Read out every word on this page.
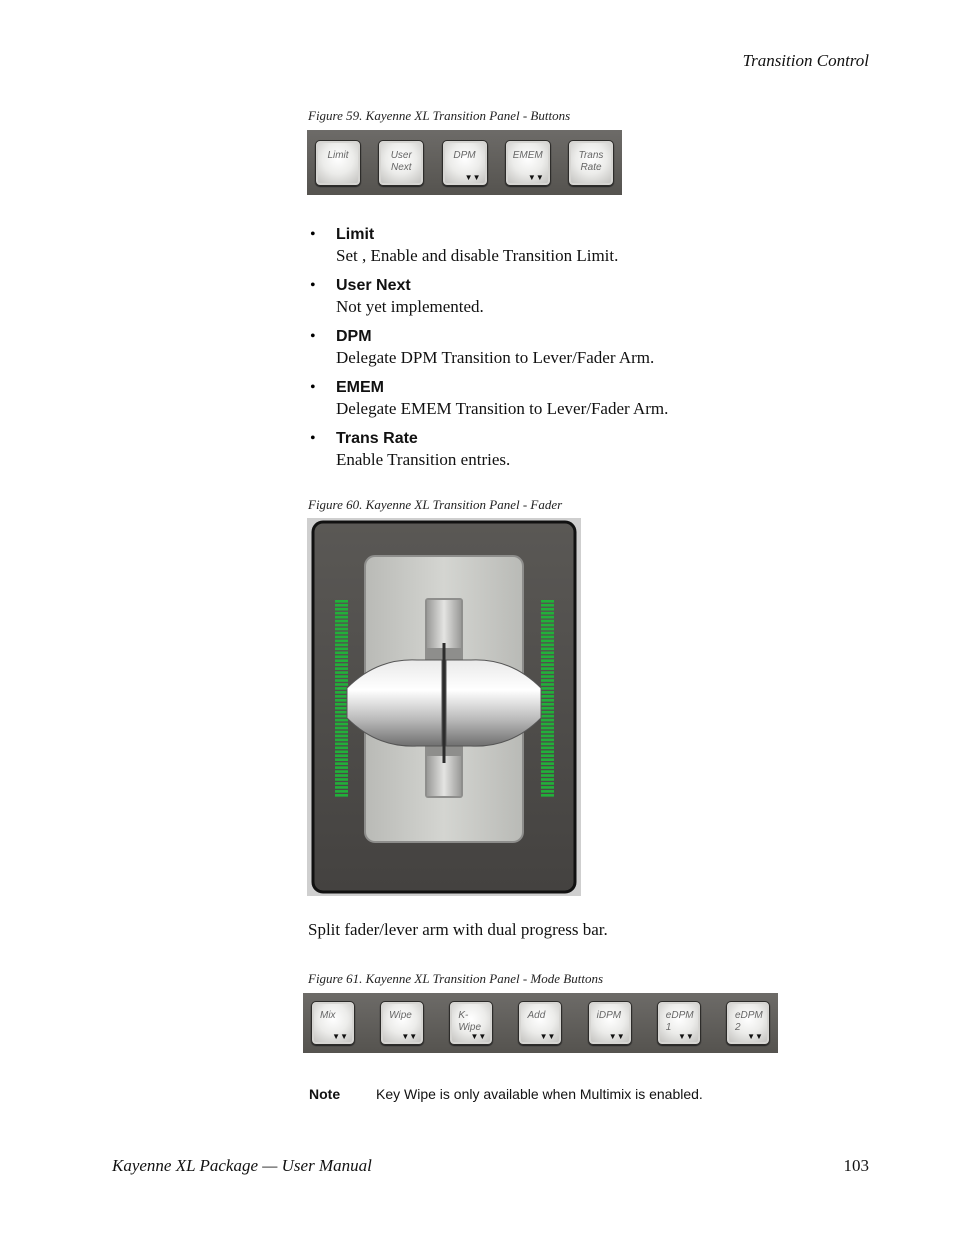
Transition Control
Figure 59. Kayenne XL Transition Panel - Buttons
Limit	User
Next
DPM
▼▼
EMEM
▼▼
Trans
Rate
• Limit
Set , Enable and disable Transition Limit.
• User Next
Not yet implemented.
• DPM
Delegate DPM Transition to Lever/Fader Arm.
• EMEM
Delegate EMEM Transition to Lever/Fader Arm.
• Trans Rate
Enable Transition entries.
Figure 60. Kayenne XL Transition Panel - Fader
Split fader/lever arm with dual progress bar.
Figure 61. Kayenne XL Transition Panel - Mode Buttons
Mix
▼▼
Wipe
▼▼
K-
Wipe
▼▼
Add
▼▼
iDPM
▼▼
eDPM
1
▼▼
eDPM
2
▼▼
Note	Key Wipe is only available when Multimix is enabled.
Kayenne XL Package — User Manual	103
